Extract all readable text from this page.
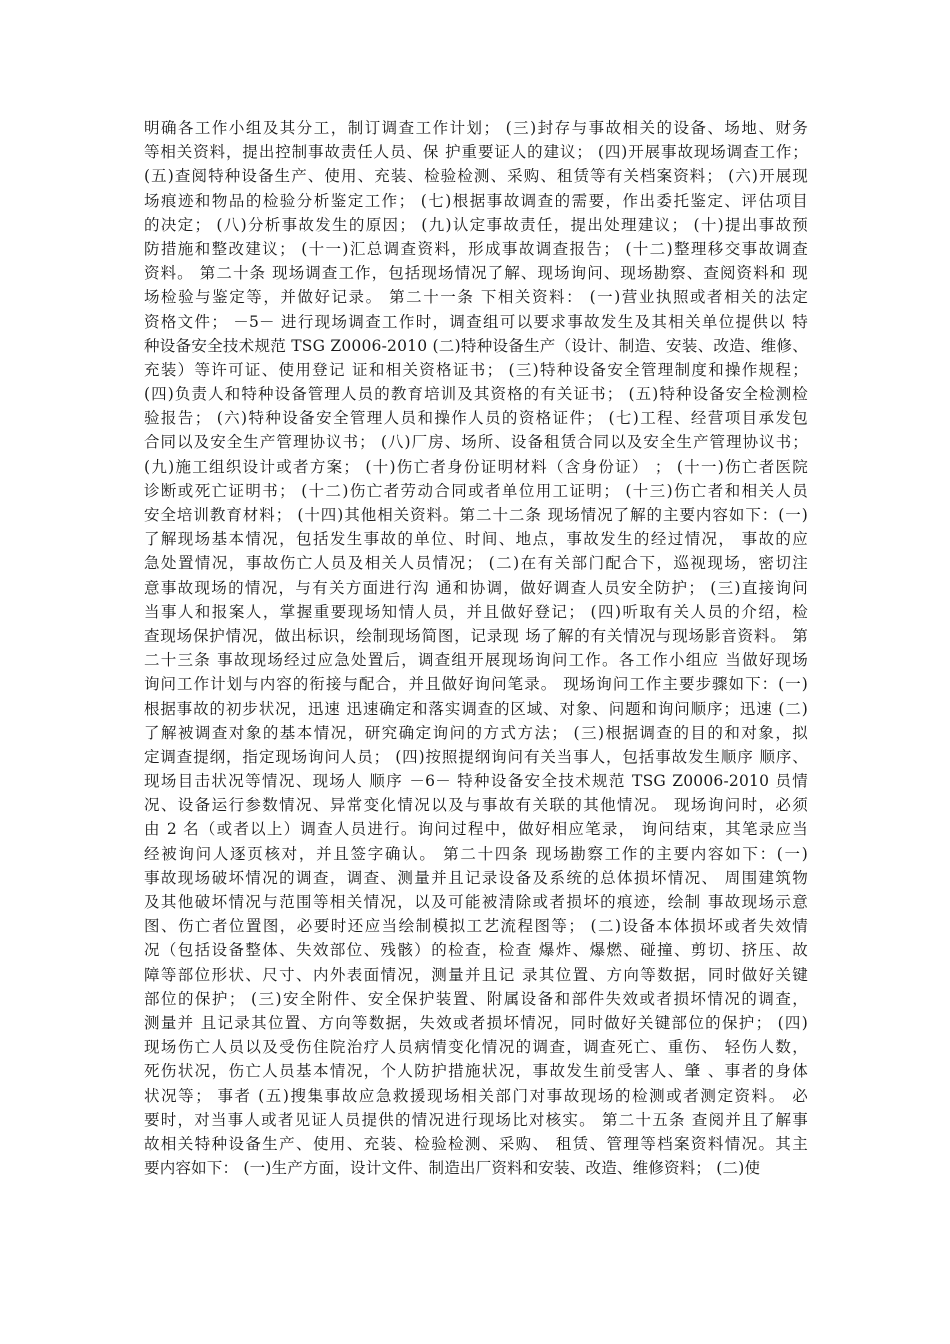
明确各工作小组及其分工，制订调查工作计划； (三)封存与事故相关的设备、场地、财务
等相关资料，提出控制事故责任人员、保 护重要证人的建议； (四)开展事故现场调查工作；
(五)查阅特种设备生产、使用、充装、检验检测、采购、租赁等有关档案资料； (六)开展现
场痕迹和物品的检验分析鉴定工作； (七)根据事故调查的需要，作出委托鉴定、评估项目
的决定； (八)分析事故发生的原因； (九)认定事故责任，提出处理建议； (十)提出事故预
防措施和整改建议； (十一)汇总调查资料，形成事故调查报告； (十二)整理移交事故调查
资料。 第二十条 现场调查工作，包括现场情况了解、现场询问、现场勘察、查阅资料和 现
场检验与鉴定等，并做好记录。 第二十一条 下相关资料： (一)营业执照或者相关的法定
资格文件； －5－ 进行现场调查工作时，调查组可以要求事故发生及其相关单位提供以 特
种设备安全技术规范 TSG Z0006-2010 (二)特种设备生产（设计、制造、安装、改造、维修、
充装）等许可证、使用登记 证和相关资格证书； (三)特种设备安全管理制度和操作规程；
(四)负责人和特种设备管理人员的教育培训及其资格的有关证书； (五)特种设备安全检测检
验报告； (六)特种设备安全管理人员和操作人员的资格证件； (七)工程、经营项目承发包
合同以及安全生产管理协议书； (八)厂房、场所、设备租赁合同以及安全生产管理协议书；
(九)施工组织设计或者方案； (十)伤亡者身份证明材料（含身份证） ； (十一)伤亡者医院
诊断或死亡证明书； (十二)伤亡者劳动合同或者单位用工证明； (十三)伤亡者和相关人员
安全培训教育材料； (十四)其他相关资料。第二十二条 现场情况了解的主要内容如下：(一)
了解现场基本情况，包括发生事故的单位、时间、地点，事故发生的经过情况， 事故的应
急处置情况，事故伤亡人员及相关人员情况； (二)在有关部门配合下，巡视现场，密切注
意事故现场的情况，与有关方面进行沟 通和协调，做好调查人员安全防护； (三)直接询问
当事人和报案人，掌握重要现场知情人员，并且做好登记； (四)听取有关人员的介绍，检
查现场保护情况，做出标识，绘制现场简图，记录现 场了解的有关情况与现场影音资料。 第
二十三条 事故现场经过应急处置后，调查组开展现场询问工作。各工作小组应 当做好现场
询问工作计划与内容的衔接与配合，并且做好询问笔录。 现场询问工作主要步骤如下：(一)
根据事故的初步状况，迅速 迅速确定和落实调查的区域、对象、问题和询问顺序；迅速 (二)
了解被调查对象的基本情况，研究确定询问的方式方法； (三)根据调查的目的和对象，拟
定调查提纲，指定现场询问人员； (四)按照提纲询问有关当事人，包括事故发生顺序 顺序、
现场目击状况等情况、现场人 顺序 －6－ 特种设备安全技术规范 TSG Z0006-2010 员情
况、设备运行参数情况、异常变化情况以及与事故有关联的其他情况。 现场询问时，必须
由 2 名（或者以上）调查人员进行。询问过程中，做好相应笔录， 询问结束，其笔录应当
经被询问人逐页核对，并且签字确认。 第二十四条 现场勘察工作的主要内容如下：(一)
事故现场破坏情况的调查，调查、测量并且记录设备及系统的总体损坏情况、 周围建筑物
及其他破坏情况与范围等相关情况，以及可能被清除或者损坏的痕迹，绘制 事故现场示意
图、伤亡者位置图，必要时还应当绘制模拟工艺流程图等； (二)设备本体损坏或者失效情
况（包括设备整体、失效部位、残骸）的检查，检查 爆炸、爆燃、碰撞、剪切、挤压、故
障等部位形状、尺寸、内外表面情况，测量并且记 录其位置、方向等数据，同时做好关键
部位的保护； (三)安全附件、安全保护装置、附属设备和部件失效或者损坏情况的调查，
测量并 且记录其位置、方向等数据，失效或者损坏情况，同时做好关键部位的保护； (四)
现场伤亡人员以及受伤住院治疗人员病情变化情况的调查，调查死亡、重伤、 轻伤人数，
死伤状况，伤亡人员基本情况，个人防护措施状况，事故发生前受害人、肇 、事者的身体
状况等； 事者 (五)搜集事故应急救援现场相关部门对事故现场的检测或者测定资料。 必
要时，对当事人或者见证人员提供的情况进行现场比对核实。 第二十五条 查阅并且了解事
故相关特种设备生产、使用、充装、检验检测、采购、 租赁、管理等档案资料情况。其主
要内容如下： (一)生产方面，设计文件、制造出厂资料和安装、改造、维修资料； (二)使
